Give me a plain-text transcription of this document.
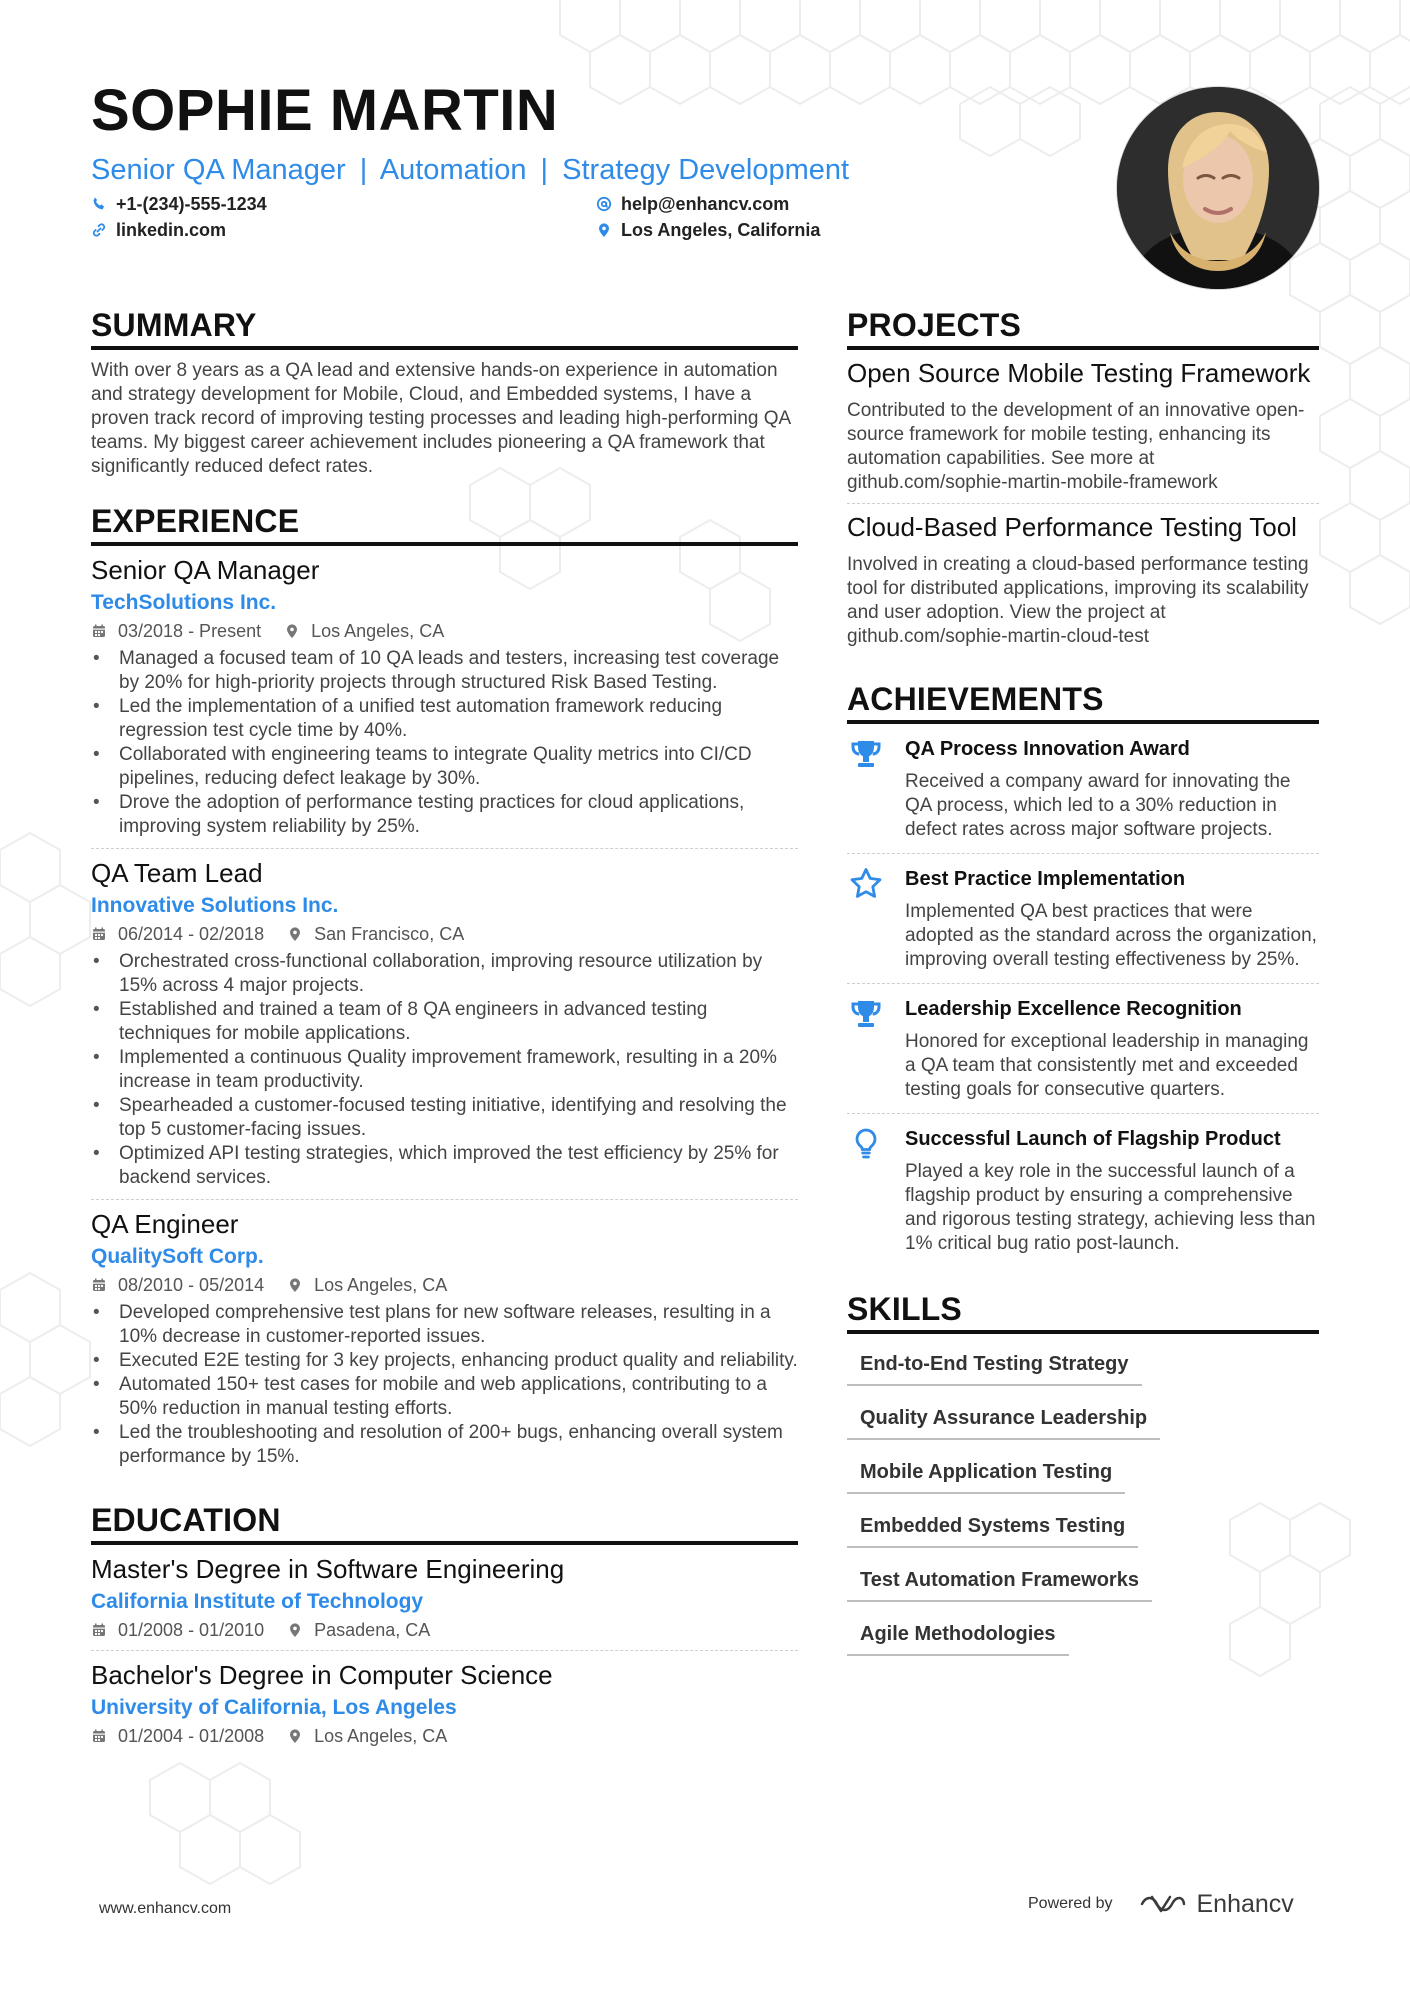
SOPHIE MARTIN
Senior QA Manager | Automation | Strategy Development
+1-(234)-555-1234	help@enhancv.com
linkedin.com	Los Angeles, California
SUMMARY

With over 8 years as a QA lead and extensive hands-on experience in automation and strategy development for Mobile, Cloud, and Embedded systems, I have a proven track record of improving testing processes and leading high-performing QA teams. My biggest career achievement includes pioneering a QA framework that significantly reduced defect rates.

EXPERIENCE
Senior QA Manager
TechSolutions Inc.
03/2018 - Present	Los Angeles, CA
• Managed a focused team of 10 QA leads and testers, increasing test coverage by 20% for high-priority projects through structured Risk Based Testing.
• Led the implementation of a unified test automation framework reducing regression test cycle time by 40%.
• Collaborated with engineering teams to integrate Quality metrics into CI/CD pipelines, reducing defect leakage by 30%.
• Drove the adoption of performance testing practices for cloud applications, improving system reliability by 25%.
QA Team Lead
Innovative Solutions Inc.
06/2014 - 02/2018	San Francisco, CA
• Orchestrated cross-functional collaboration, improving resource utilization by 15% across 4 major projects.
• Established and trained a team of 8 QA engineers in advanced testing techniques for mobile applications.
• Implemented a continuous Quality improvement framework, resulting in a 20% increase in team productivity.
• Spearheaded a customer-focused testing initiative, identifying and resolving the top 5 customer-facing issues.
• Optimized API testing strategies, which improved the test efficiency by 25% for backend services.
QA Engineer
QualitySoft Corp.
08/2010 - 05/2014	Los Angeles, CA
• Developed comprehensive test plans for new software releases, resulting in a 10% decrease in customer-reported issues.
• Executed E2E testing for 3 key projects, enhancing product quality and reliability.
• Automated 150+ test cases for mobile and web applications, contributing to a 50% reduction in manual testing efforts.
• Led the troubleshooting and resolution of 200+ bugs, enhancing overall system performance by 15%.
EDUCATION
Master's Degree in Software Engineering
California Institute of Technology
01/2008 - 01/2010	Pasadena, CA
Bachelor's Degree in Computer Science
University of California, Los Angeles
01/2004 - 01/2008	Los Angeles, CA
PROJECTS
Open Source Mobile Testing Framework
Contributed to the development of an innovative open-source framework for mobile testing, enhancing its automation capabilities. See more at github.com/sophie-martin-mobile-framework
Cloud-Based Performance Testing Tool
Involved in creating a cloud-based performance testing tool for distributed applications, improving its scalability and user adoption. View the project at github.com/sophie-martin-cloud-test
ACHIEVEMENTS
QA Process Innovation Award
Received a company award for innovating the QA process, which led to a 30% reduction in defect rates across major software projects.
Best Practice Implementation
Implemented QA best practices that were adopted as the standard across the organization, improving overall testing effectiveness by 25%.
Leadership Excellence Recognition
Honored for exceptional leadership in managing a QA team that consistently met and exceeded testing goals for consecutive quarters.
Successful Launch of Flagship Product
Played a key role in the successful launch of a flagship product by ensuring a comprehensive and rigorous testing strategy, achieving less than 1% critical bug ratio post-launch.
SKILLS
End-to-End Testing Strategy
Quality Assurance Leadership
Mobile Application Testing
Embedded Systems Testing
Test Automation Frameworks
Agile Methodologies
www.enhancv.com	Powered by	Enhancv
